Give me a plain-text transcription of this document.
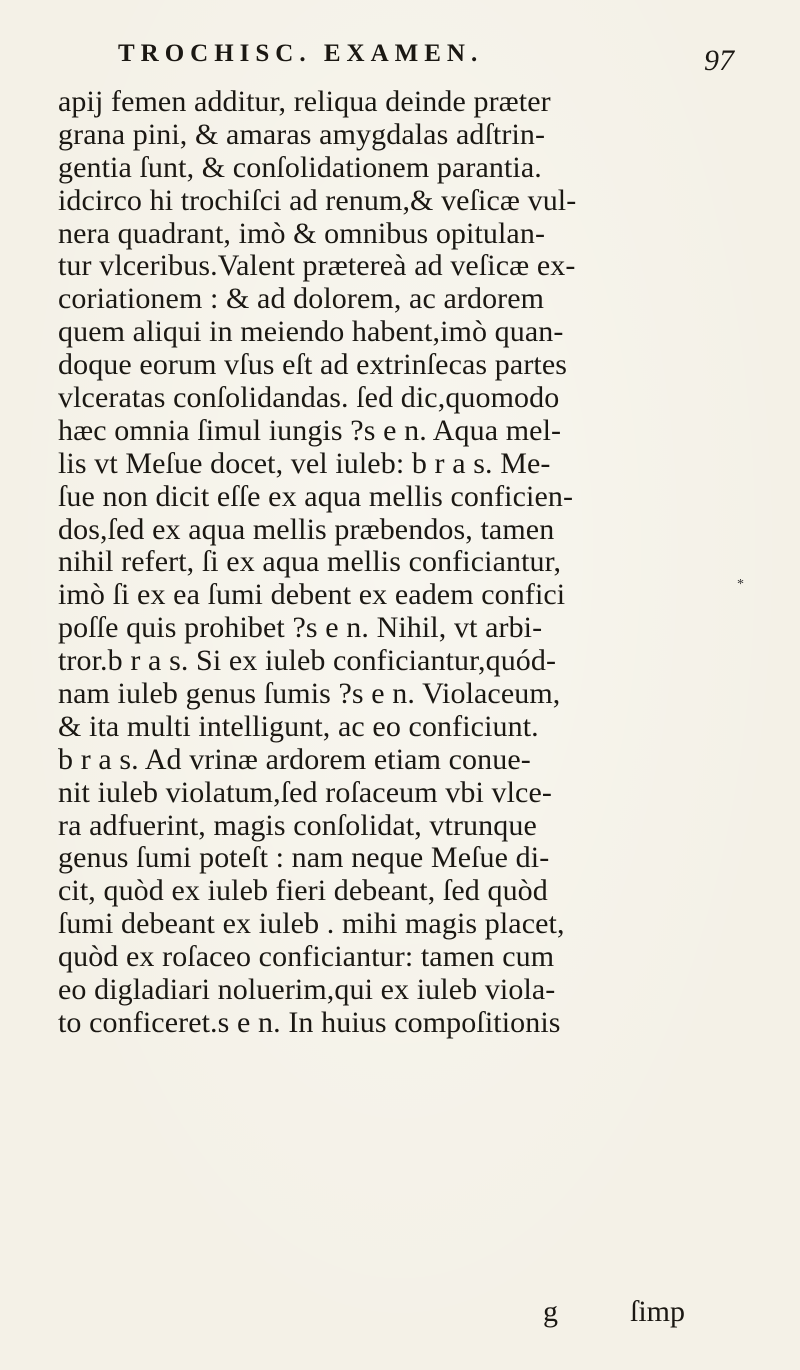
TROCHISC. EXAMEN.	97
apij femen additur, reliqua deinde prӕter
grana pini, & amaras amygdalas adſtrin-
gentia ſunt, & conſolidationem parantia.
idcirco hi trochiſci ad renum,& veſicӕ vul-
nera quadrant, imò & omnibus opitulan-
tur vlceribus.Valent prӕtereà ad veſicӕ ex-
coriationem : & ad dolorem, ac ardorem
quem aliqui in meiendo habent,imò quan-
doque eorum vſus eſt ad extrinſecas partes
vlceratas conſolidandas. ſed dic,quomodo
hӕc omnia ſimul iungis ?s e n. Aqua mel-
lis vt Meſue docet, vel iuleb: b r a s. Me-
ſue non dicit eſſe ex aqua mellis conficien-
dos,ſed ex aqua mellis prӕbendos, tamen
nihil refert, ſi ex aqua mellis conficiantur,
imò ſi ex ea ſumi debent ex eadem confici
poſſe quis prohibet ?s e n. Nihil, vt arbi-
tror.b r a s. Si ex iuleb conficiantur,quód-
nam iuleb genus ſumis ?s e n. Violaceum,
& ita multi intelligunt, ac eo conficiunt.
b r a s. Ad vrinӕ ardorem etiam conue-
nit iuleb violatum,ſed roſaceum vbi vlce-
ra adfuerint, magis conſolidat, vtrunque
genus ſumi poteſt : nam neque Meſue di-
cit, quòd ex iuleb fieri debeant, ſed quòd
ſumi debeant ex iuleb . mihi magis placet,
quòd ex roſaceo conficiantur: tamen cum
eo digladiari noluerim,qui ex iuleb viola-
to conficeret.s e n. In huius compoſitionis
*
g ſimp
